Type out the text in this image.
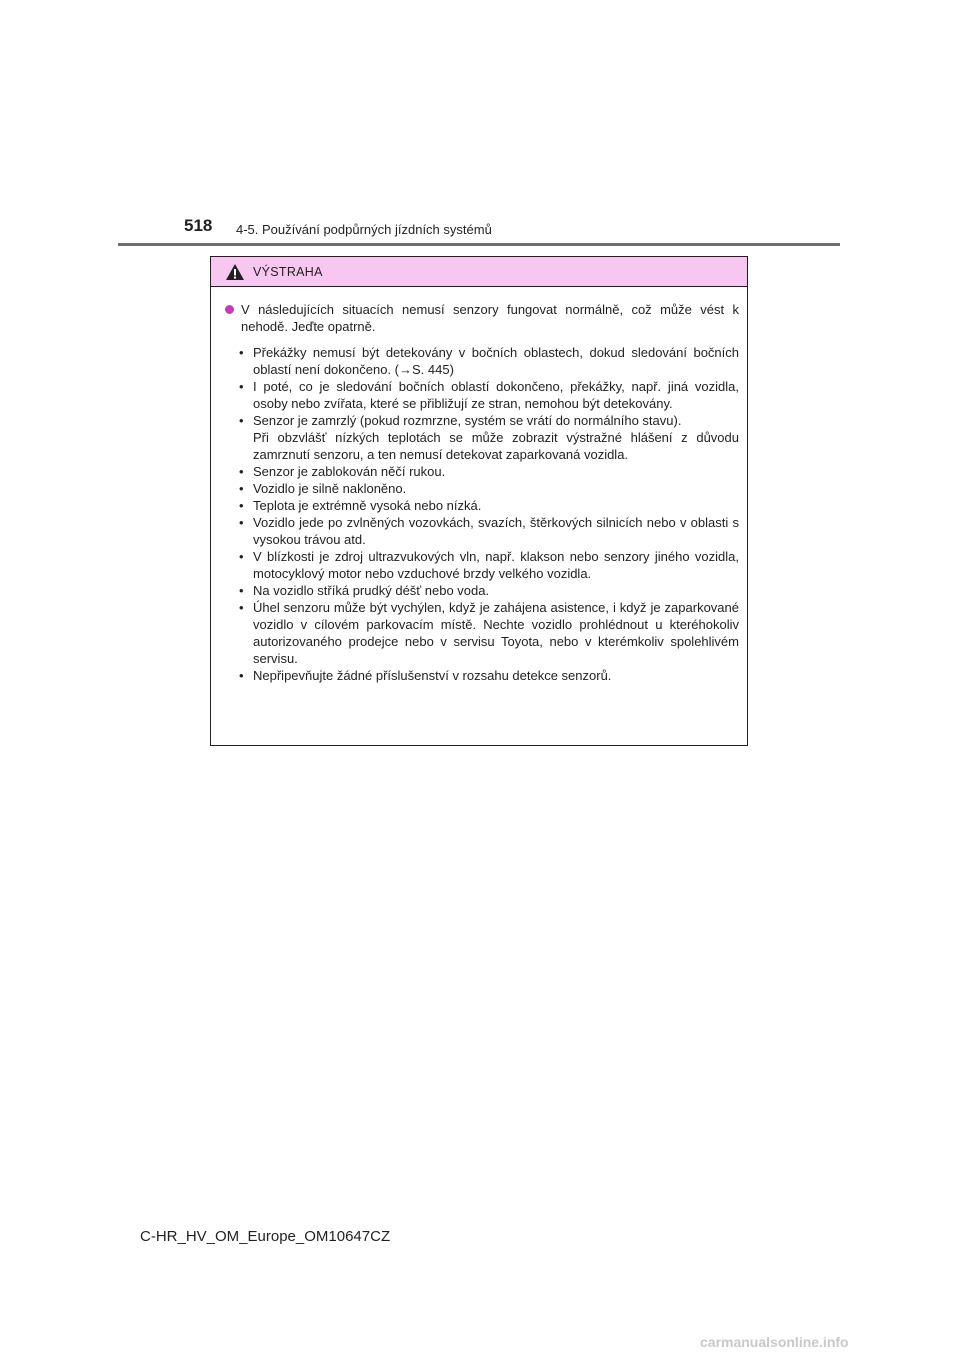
518 4-5. Používání podpůrných jízdních systémů
VÝSTRAHA
V následujících situacích nemusí senzory fungovat normálně, což může vést k nehodě. Jeďte opatrně.
• Překážky nemusí být detekovány v bočních oblastech, dokud sledování bočních oblastí není dokončeno. (→S. 445)
• I poté, co je sledování bočních oblastí dokončeno, překážky, např. jiná vozidla, osoby nebo zvířata, které se přibližují ze stran, nemohou být detekovány.
• Senzor je zamrzlý (pokud rozmrzne, systém se vrátí do normálního stavu).
Při obzvlášť nízkých teplotách se může zobrazit výstražné hlášení z důvodu zamrznutí senzoru, a ten nemusí detekovat zaparkovaná vozidla.
• Senzor je zablokován něčí rukou.
• Vozidlo je silně nakloněno.
• Teplota je extrémně vysoká nebo nízká.
• Vozidlo jede po zvlněných vozovkách, svazích, štěrkových silnicích nebo v oblasti s vysokou trávou atd.
• V blízkosti je zdroj ultrazvukových vln, např. klakson nebo senzory jiného vozidla, motocyklový motor nebo vzduchové brzdy velkého vozidla.
• Na vozidlo stříká prudký déšť nebo voda.
• Úhel senzoru může být vychýlen, když je zahájena asistence, i když je zaparkované vozidlo v cílovém parkovacím místě. Nechte vozidlo prohlédnout u kteréhokoliv autorizovaného prodejce nebo v servisu Toyota, nebo v kterémkoliv spolehlivém servisu.
• Nepřipevňujte žádné příslušenství v rozsahu detekce senzorů.
C-HR_HV_OM_Europe_OM10647CZ
carmanualsonline.info
